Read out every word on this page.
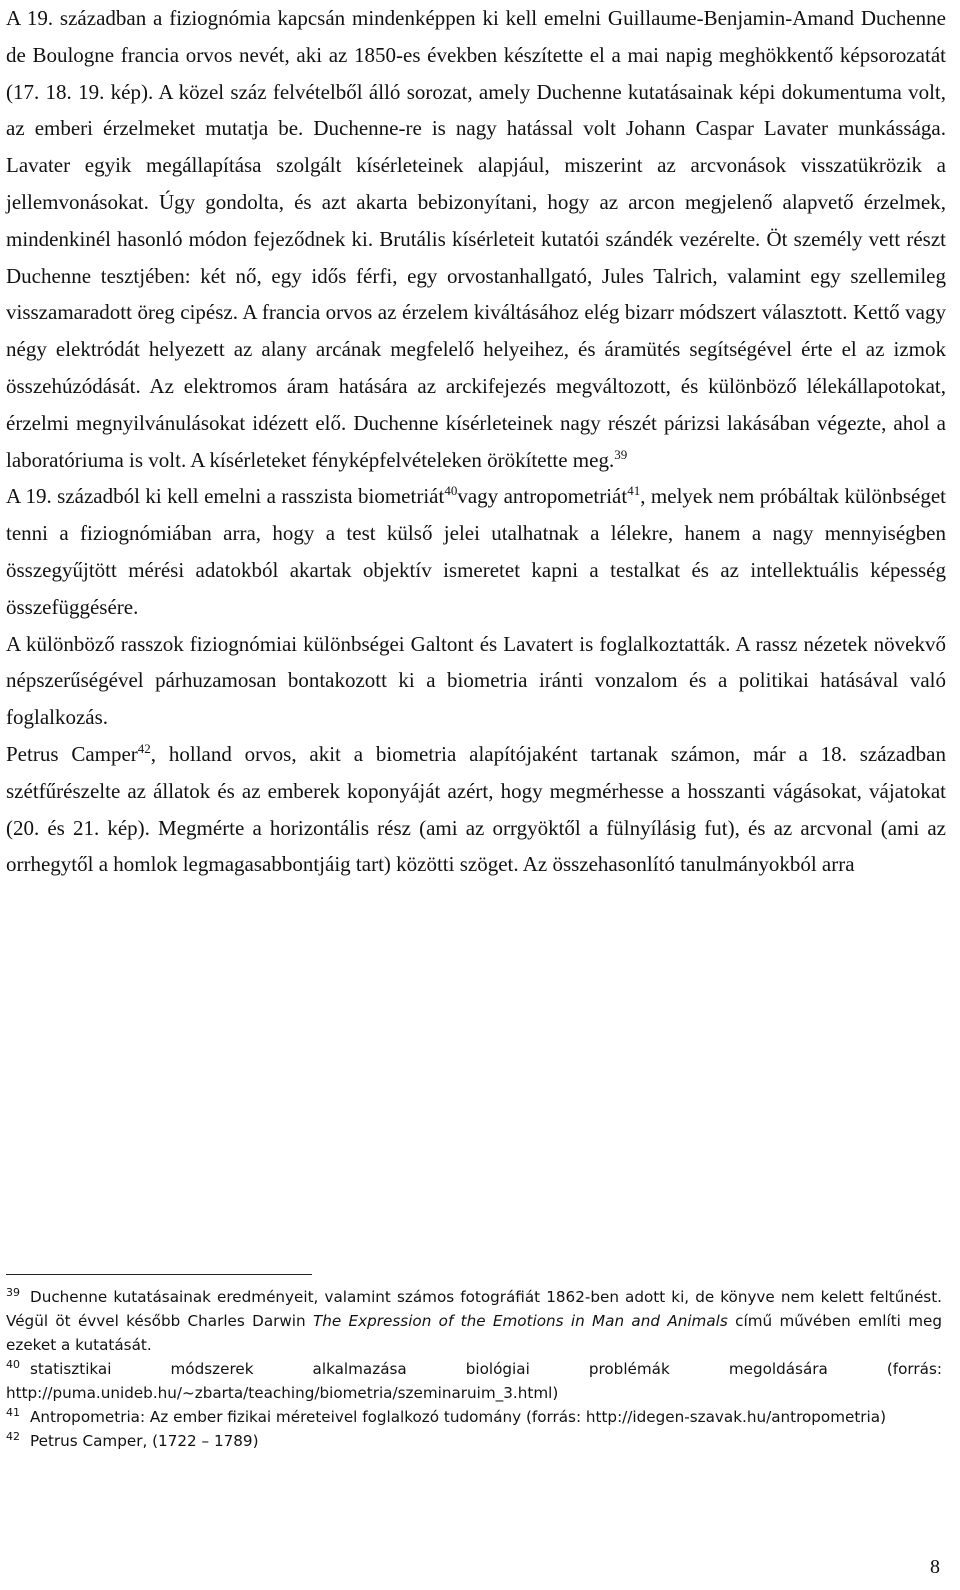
A 19. században a fiziognómia kapcsán mindenképpen ki kell emelni Guillaume-Benjamin-Amand Duchenne de Boulogne francia orvos nevét, aki az 1850-es években készítette el a mai napig meghökkentő képsorozatát (17. 18. 19. kép). A közel száz felvételből álló sorozat, amely Duchenne kutatásainak képi dokumentuma volt, az emberi érzelmeket mutatja be. Duchenne-re is nagy hatással volt Johann Caspar Lavater munkássága. Lavater egyik megállapítása szolgált kísérleteinek alapjául, miszerint az arcvonások visszatükrözik a jellemvonásokat. Úgy gondolta, és azt akarta bebizonyítani, hogy az arcon megjelenő alapvető érzelmek, mindenkinél hasonló módon fejeződnek ki. Brutális kísérleteit kutatói szándék vezérelte. Öt személy vett részt Duchenne tesztjében: két nő, egy idős férfi, egy orvostanhallgató, Jules Talrich, valamint egy szellemileg visszamaradott öreg cipész. A francia orvos az érzelem kiváltásához elég bizarr módszert választott. Kettő vagy négy elektródát helyezett az alany arcának megfelelő helyeihez, és áramütés segítségével érte el az izmok összehúzódását. Az elektromos áram hatására az arckifejezés megváltozott, és különböző lélekállapotokat, érzelmi megnyilvánulásokat idézett elő. Duchenne kísérleteinek nagy részét párizsi lakásában végezte, ahol a laboratóriuma is volt. A kísérleteket fényképfelvételeken örökítette meg.$^{39}$

A 19. századból ki kell emelni a rasszista biometriát$^{40}$vagy antropometriát$^{41}$, melyek nem próbáltak különbséget tenni a fiziognómiában arra, hogy a test külső jelei utalhatnak a lélekre, hanem a nagy mennyiségben összegyűjtött mérési adatokból akartak objektív ismeretet kapni a testalkat és az intellektuális képesség összefüggésére.

A különböző rasszok fiziognómiai különbségei Galtont és Lavatert is foglalkoztatták. A rassz nézetek növekvő népszerűségével párhuzamosan bontakozott ki a biometria iránti vonzalom és a politikai hatásával való foglalkozás.

Petrus Camper$^{42}$, holland orvos, akit a biometria alapítójaként tartanak számon, már a 18. században szétfűrészelte az állatok és az emberek koponyáját azért, hogy megmérhesse a hosszanti vágásokat, vájatokat (20. és 21. kép). Megmérte a horizontális rész (ami az orrgyöktől a fülnyílásig fut), és az arcvonal (ami az orrhegytől a homlok legmagasabbontjáig tart) közötti szöget. Az összehasonlító tanulmányokból arra

$^{39}$ Duchenne kutatásainak eredményeit, valamint számos fotográfiát 1862-ben adott ki, de könyve nem kelett feltűnést. Végül öt évvel később Charles Darwin The Expression of the Emotions in Man and Animals című művében említi meg ezeket a kutatását.

$^{40}$ statisztikai módszerek alkalmazása biológiai problémák megoldására (forrás: http://puma.unideb.hu/~zbarta/teaching/biometria/szeminaruim_3.html)

$^{41}$ Antropometria: Az ember fizikai méreteivel foglalkozó tudomány (forrás: http://idegen-szavak.hu/antropometria)

$^{42}$ Petrus Camper, (1722 – 1789)

8
